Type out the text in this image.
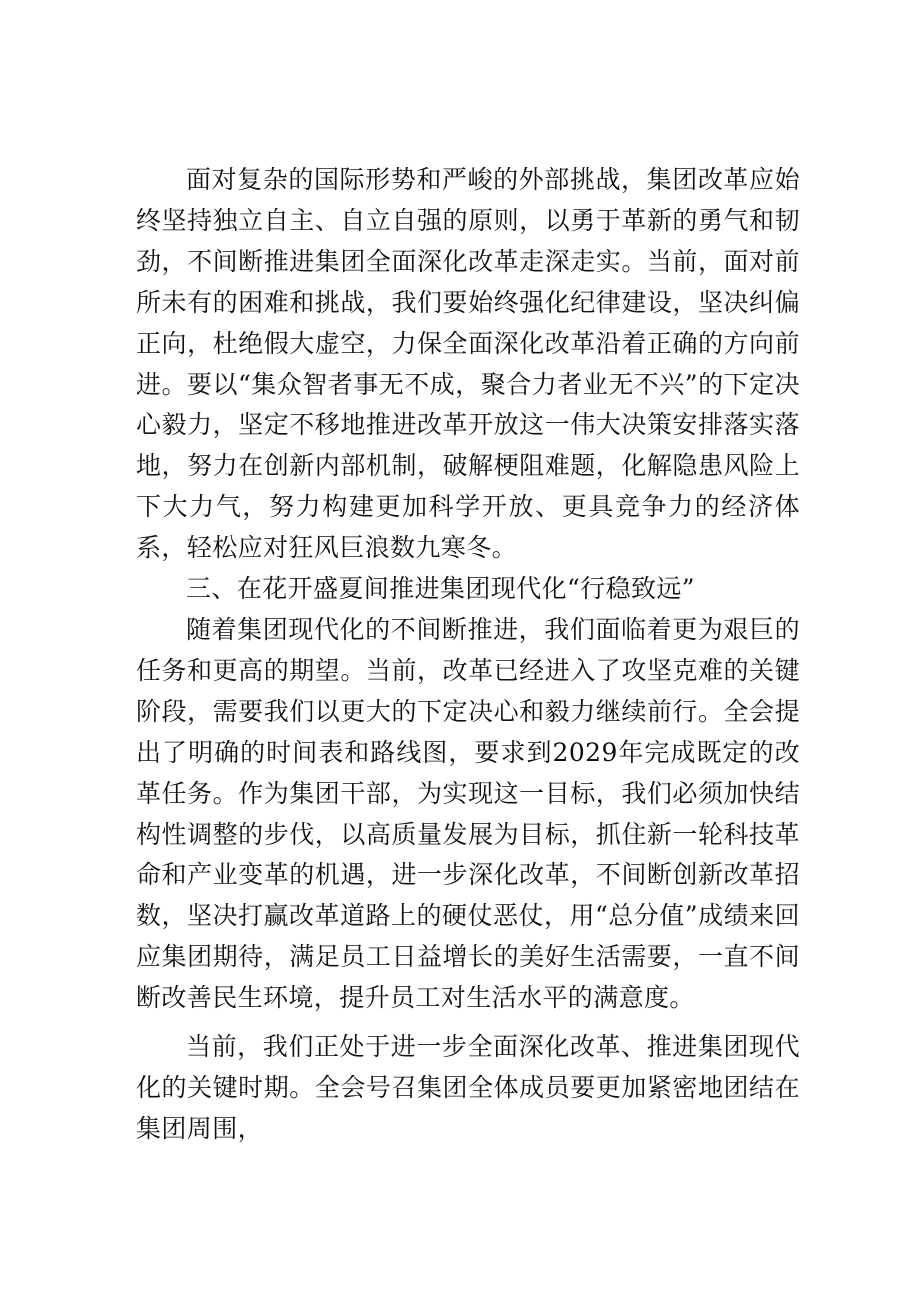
面对复杂的国际形势和严峻的外部挑战，集团改革应始终坚持独立自主、自立自强的原则，以勇于革新的勇气和韧劲，不间断推进集团全面深化改革走深走实。当前，面对前所未有的困难和挑战，我们要始终强化纪律建设，坚决纠偏正向，杜绝假大虚空，力保全面深化改革沿着正确的方向前进。要以“集众智者事无不成，聚合力者业无不兴”的下定决心毅力，坚定不移地推进改革开放这一伟大决策安排落实落地，努力在创新内部机制，破解梗阻难题，化解隐患风险上下大力气，努力构建更加科学开放、更具竞争力的经济体系，轻松应对狂风巨浪数九寒冬。

三、在花开盛夏间推进集团现代化“行稳致远”

随着集团现代化的不间断推进，我们面临着更为艰巨的任务和更高的期望。当前，改革已经进入了攻坚克难的关键阶段，需要我们以更大的下定决心和毅力继续前行。全会提出了明确的时间表和路线图，要求到2029年完成既定的改革任务。作为集团干部，为实现这一目标，我们必须加快结构性调整的步伐，以高质量发展为目标，抓住新一轮科技革命和产业变革的机遇，进一步深化改革，不间断创新改革招数，坚决打赢改革道路上的硬仗恶仗，用“总分值”成绩来回应集团期待，满足员工日益增长的美好生活需要，一直不间断改善民生环境，提升员工对生活水平的满意度。

当前，我们正处于进一步全面深化改革、推进集团现代化的关键时期。全会号召集团全体成员要更加紧密地团结在集团周围，
